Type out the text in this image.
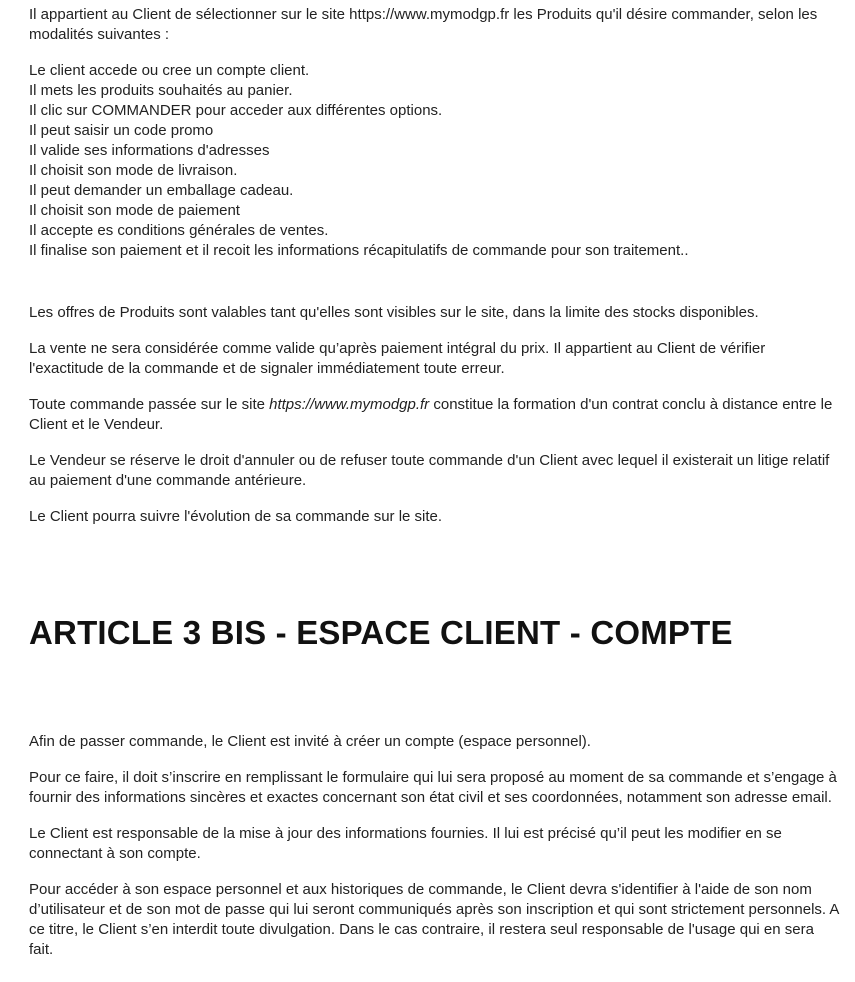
Il appartient au Client de sélectionner sur le site https://www.mymodgp.fr les Produits qu'il désire commander, selon les modalités suivantes :

Le client accede ou cree un compte client.
Il mets les produits souhaités au panier.
Il clic sur COMMANDER pour acceder aux différentes options.
Il peut saisir un code promo
Il valide ses informations d'adresses
Il choisit son mode de livraison.
Il peut demander un emballage cadeau.
Il choisit son mode de paiement
Il accepte es conditions générales de ventes.
Il finalise son paiement et il recoit les informations récapitulatifs de commande pour son traitement..

Les offres de Produits sont valables tant qu'elles sont visibles sur le site, dans la limite des stocks disponibles.

La vente ne sera considérée comme valide qu’après paiement intégral du prix. Il appartient au Client de vérifier l'exactitude de la commande et de signaler immédiatement toute erreur.

Toute commande passée sur le site https://www.mymodgp.fr constitue la formation d'un contrat conclu à distance entre le Client et le Vendeur.

Le Vendeur se réserve le droit d'annuler ou de refuser toute commande d'un Client avec lequel il existerait un litige relatif au paiement d'une commande antérieure.

Le Client pourra suivre l'évolution de sa commande sur le site.

ARTICLE 3 BIS - ESPACE CLIENT - COMPTE

Afin de passer commande, le Client est invité à créer un compte (espace personnel).

Pour ce faire, il doit s’inscrire en remplissant le formulaire qui lui sera proposé au moment de sa commande et s’engage à fournir des informations sincères et exactes concernant son état civil et ses coordonnées, notamment son adresse email.

Le Client est responsable de la mise à jour des informations fournies. Il lui est précisé qu’il peut les modifier en se connectant à son compte.

Pour accéder à son espace personnel et aux historiques de commande, le Client devra s'identifier à l'aide de son nom d’utilisateur et de son mot de passe qui lui seront communiqués après son inscription et qui sont strictement personnels. A ce titre, le Client s’en interdit toute divulgation. Dans le cas contraire, il restera seul responsable de l'usage qui en sera fait.
